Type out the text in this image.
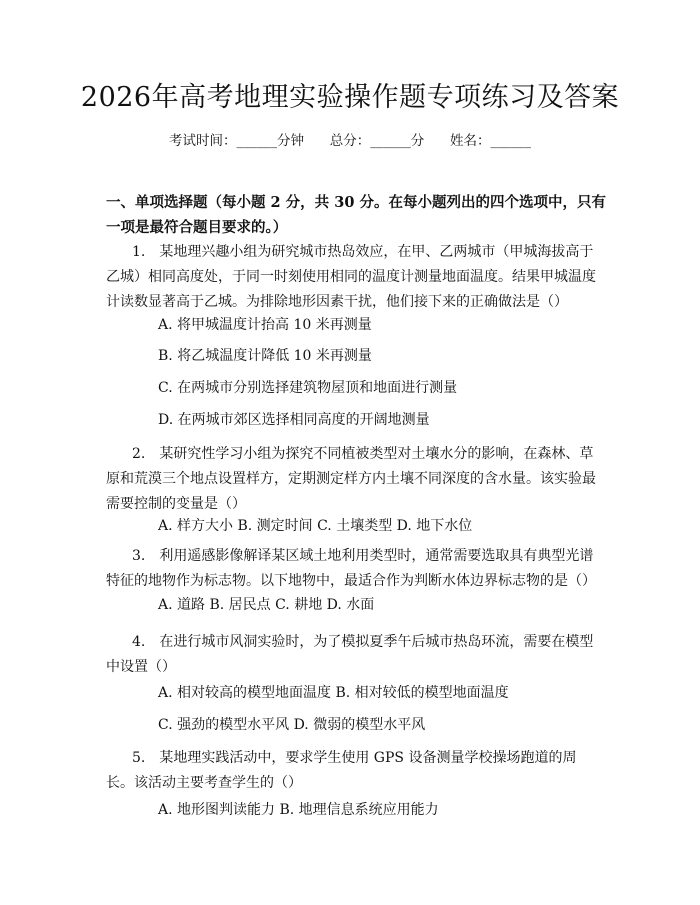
2026年高考地理实验操作题专项练习及答案
考试时间：______分钟      总分：______分      姓名：______
一、单项选择题（每小题 2 分，共 30 分。在每小题列出的四个选项中，只有一项是最符合题目要求的。）
1.　某地理兴趣小组为研究城市热岛效应，在甲、乙两城市（甲城海拔高于乙城）相同高度处，于同一时刻使用相同的温度计测量地面温度。结果甲城温度计读数显著高于乙城。为排除地形因素干扰，他们接下来的正确做法是（）
A. 将甲城温度计抬高 10 米再测量
B. 将乙城温度计降低 10 米再测量
C. 在两城市分别选择建筑物屋顶和地面进行测量
D. 在两城市郊区选择相同高度的开阔地测量
2.　某研究性学习小组为探究不同植被类型对土壤水分的影响，在森林、草原和荒漠三个地点设置样方，定期测定样方内土壤不同深度的含水量。该实验最需要控制的变量是（）
A. 样方大小 B. 测定时间 C. 土壤类型 D. 地下水位
3.　利用遥感影像解译某区域土地利用类型时，通常需要选取具有典型光谱特征的地物作为标志物。以下地物中，最适合作为判断水体边界标志物的是（）
A. 道路 B. 居民点 C. 耕地 D. 水面
4.　在进行城市风洞实验时，为了模拟夏季午后城市热岛环流，需要在模型中设置（）
A. 相对较高的模型地面温度 B. 相对较低的模型地面温度
C. 强劲的模型水平风 D. 微弱的模型水平风
5.　某地理实践活动中，要求学生使用 GPS 设备测量学校操场跑道的周长。该活动主要考查学生的（）
A. 地形图判读能力 B. 地理信息系统应用能力
